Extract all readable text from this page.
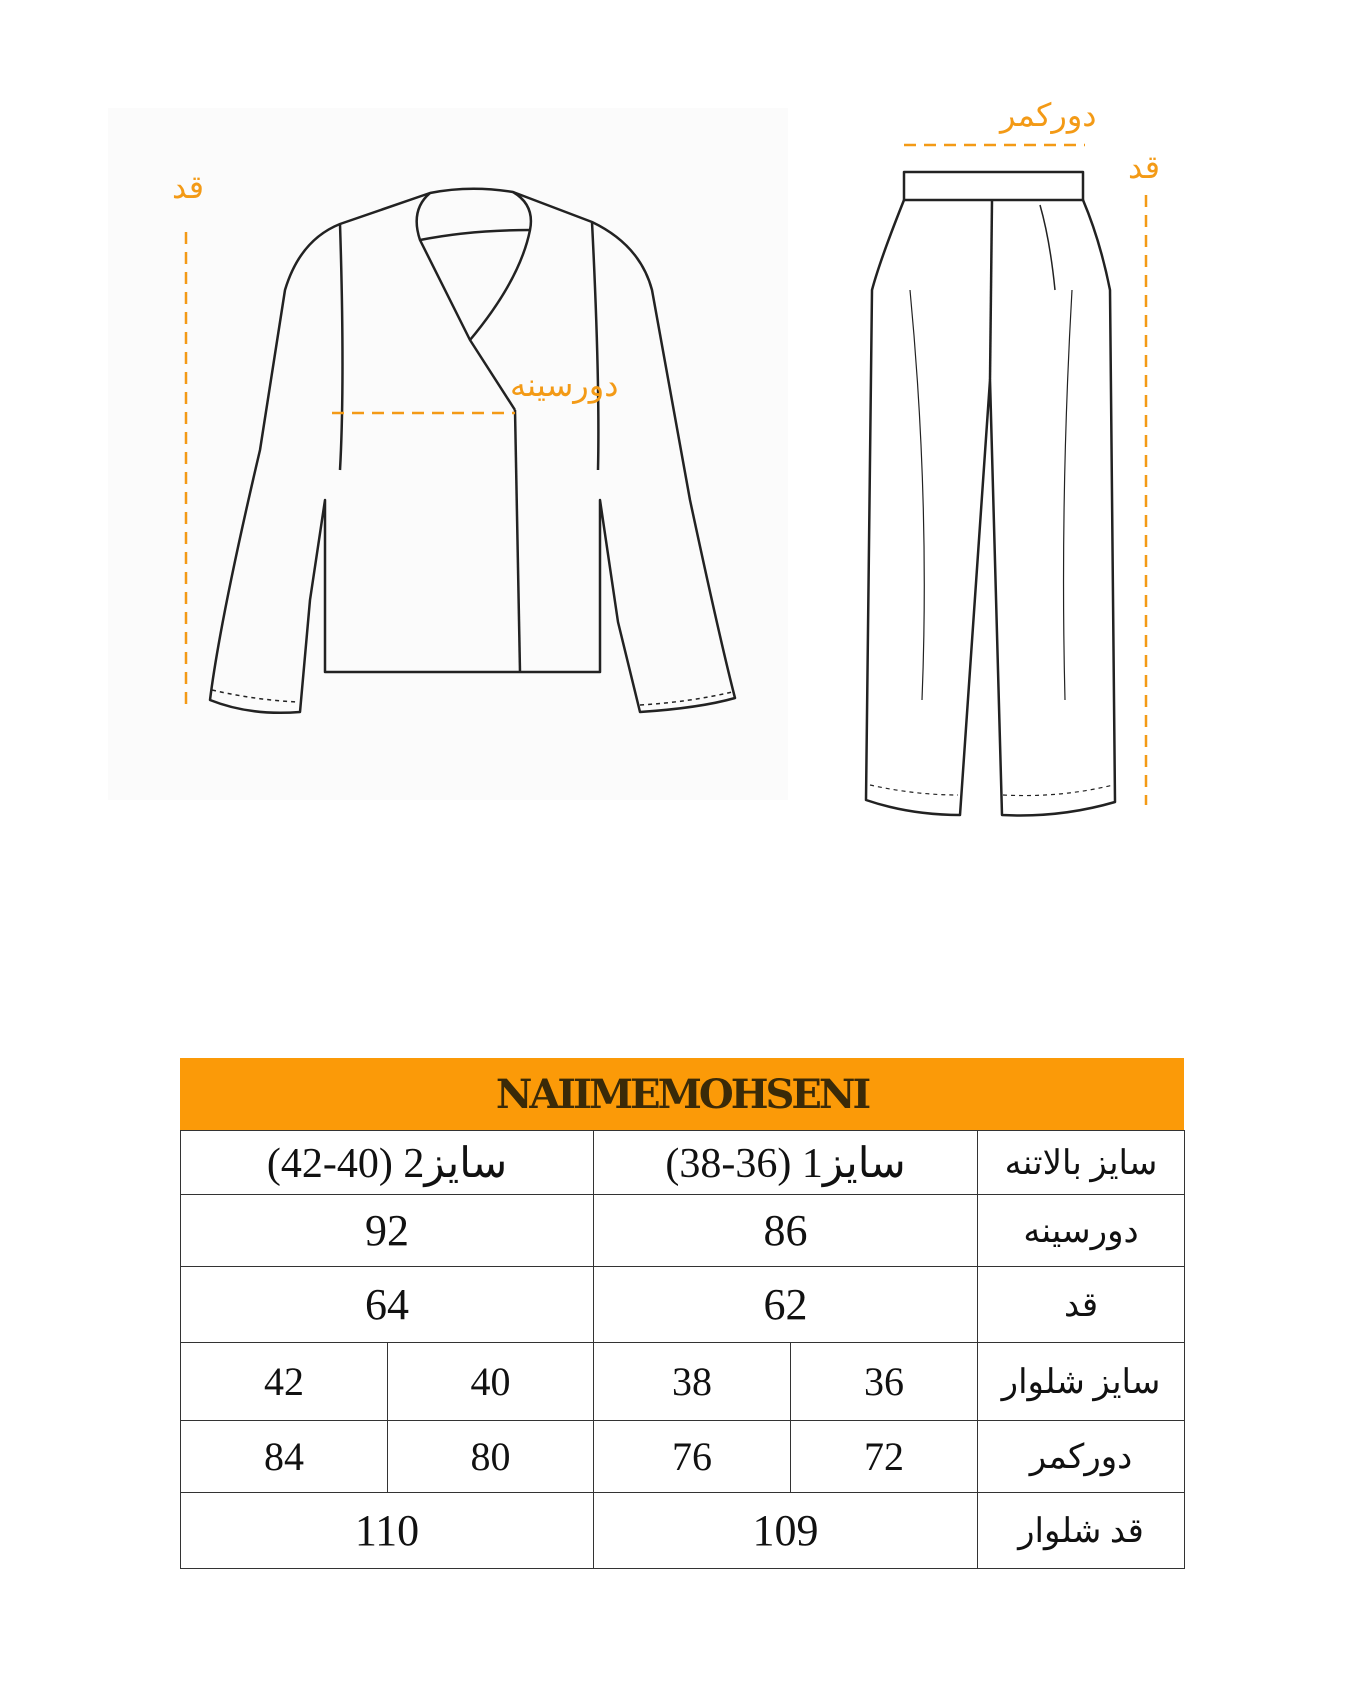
قد
دورسینه
دورکمر
قد
NAIIMEMOHSENI
سایز2 (40-42)		سایز1 (36-38)		سایز بالاتنه
92		86		دورسینه
64		62		قد
42	40	38	36	سایز شلوار
84	80	76	72	دورکمر
110		109		قد شلوار
